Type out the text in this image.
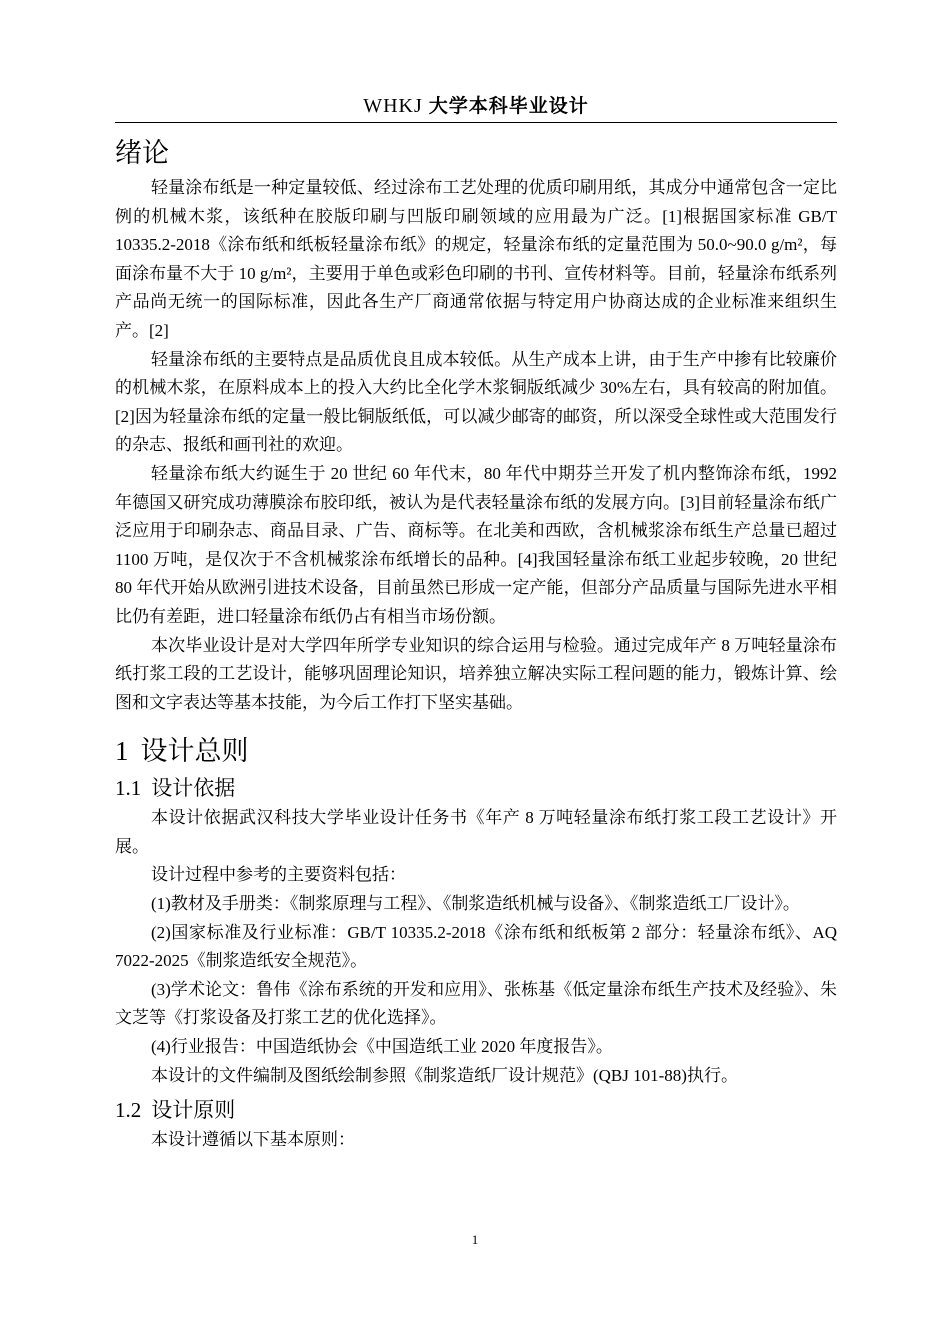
WHKJ 大学本科毕业设计
绪论

轻量涂布纸是一种定量较低、经过涂布工艺处理的优质印刷用纸，其成分中通常包含一定比例的机械木浆，该纸种在胶版印刷与凹版印刷领域的应用最为广泛。[1]根据国家标准 GB/T 10335.2-2018《涂布纸和纸板轻量涂布纸》的规定，轻量涂布纸的定量范围为 50.0~90.0 g/m²，每面涂布量不大于 10 g/m²，主要用于单色或彩色印刷的书刊、宣传材料等。目前，轻量涂布纸系列产品尚无统一的国际标准，因此各生产厂商通常依据与特定用户协商达成的企业标准来组织生产。[2]

轻量涂布纸的主要特点是品质优良且成本较低。从生产成本上讲，由于生产中掺有比较廉价的机械木浆，在原料成本上的投入大约比全化学木浆铜版纸减少 30%左右，具有较高的附加值。[2]因为轻量涂布纸的定量一般比铜版纸低，可以减少邮寄的邮资，所以深受全球性或大范围发行的杂志、报纸和画刊社的欢迎。

轻量涂布纸大约诞生于 20 世纪 60 年代末，80 年代中期芬兰开发了机内整饰涂布纸，1992 年德国又研究成功薄膜涂布胶印纸，被认为是代表轻量涂布纸的发展方向。[3]目前轻量涂布纸广泛应用于印刷杂志、商品目录、广告、商标等。在北美和西欧，含机械浆涂布纸生产总量已超过 1100 万吨，是仅次于不含机械浆涂布纸增长的品种。[4]我国轻量涂布纸工业起步较晚，20 世纪 80 年代开始从欧洲引进技术设备，目前虽然已形成一定产能，但部分产品质量与国际先进水平相比仍有差距，进口轻量涂布纸仍占有相当市场份额。

本次毕业设计是对大学四年所学专业知识的综合运用与检验。通过完成年产 8 万吨轻量涂布纸打浆工段的工艺设计，能够巩固理论知识，培养独立解决实际工程问题的能力，锻炼计算、绘图和文字表达等基本技能，为今后工作打下坚实基础。

1 设计总则
1.1 设计依据

本设计依据武汉科技大学毕业设计任务书《年产 8 万吨轻量涂布纸打浆工段工艺设计》开展。

设计过程中参考的主要资料包括：

(1)教材及手册类：《制浆原理与工程》、《制浆造纸机械与设备》、《制浆造纸工厂设计》。

(2)国家标准及行业标准：GB/T 10335.2-2018《涂布纸和纸板第 2 部分：轻量涂布纸》、AQ 7022-2025《制浆造纸安全规范》。

(3)学术论文：鲁伟《涂布系统的开发和应用》、张栋基《低定量涂布纸生产技术及经验》、朱文芝等《打浆设备及打浆工艺的优化选择》。

(4)行业报告：中国造纸协会《中国造纸工业 2020 年度报告》。

本设计的文件编制及图纸绘制参照《制浆造纸厂设计规范》(QBJ 101-88)执行。

1.2 设计原则

本设计遵循以下基本原则：

1
